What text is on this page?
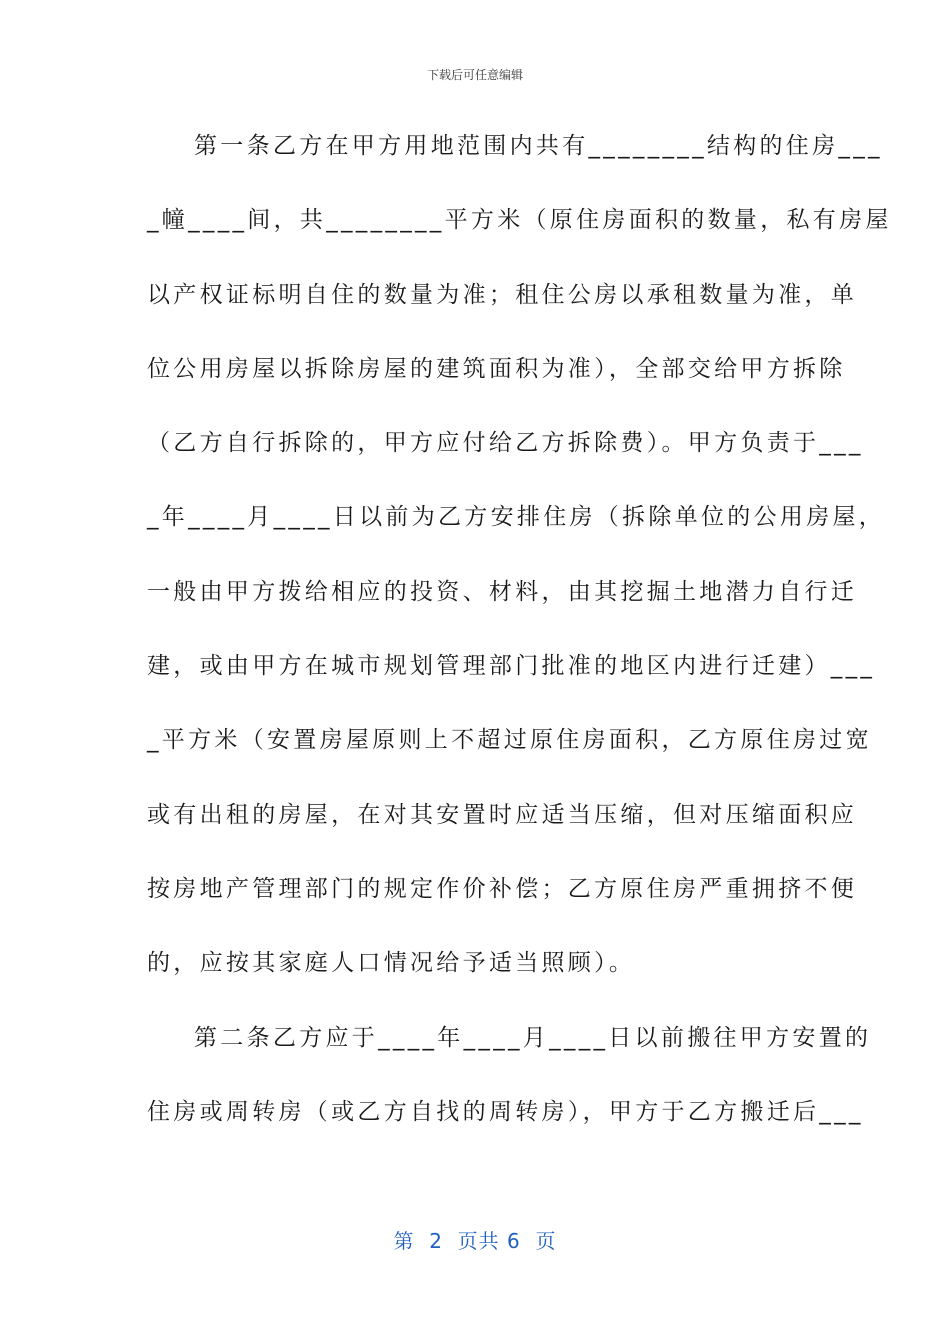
下载后可任意编辑
第一条乙方在甲方用地范围内共有________结构的住房___
_幢____间，共________平方米（原住房面积的数量，私有房屋
以产权证标明自住的数量为准；租住公房以承租数量为准，单
位公用房屋以拆除房屋的建筑面积为准），全部交给甲方拆除
（乙方自行拆除的，甲方应付给乙方拆除费）。甲方负责于___
_年____月____日以前为乙方安排住房（拆除单位的公用房屋，
一般由甲方拨给相应的投资、材料，由其挖掘土地潜力自行迁
建，或由甲方在城市规划管理部门批准的地区内进行迁建）___
_平方米（安置房屋原则上不超过原住房面积，乙方原住房过宽
或有出租的房屋，在对其安置时应适当压缩，但对压缩面积应
按房地产管理部门的规定作价补偿；乙方原住房严重拥挤不便
的，应按其家庭人口情况给予适当照顾）。
第二条乙方应于____年____月____日以前搬往甲方安置的
住房或周转房（或乙方自找的周转房），甲方于乙方搬迁后___
第  2  页共 6  页
